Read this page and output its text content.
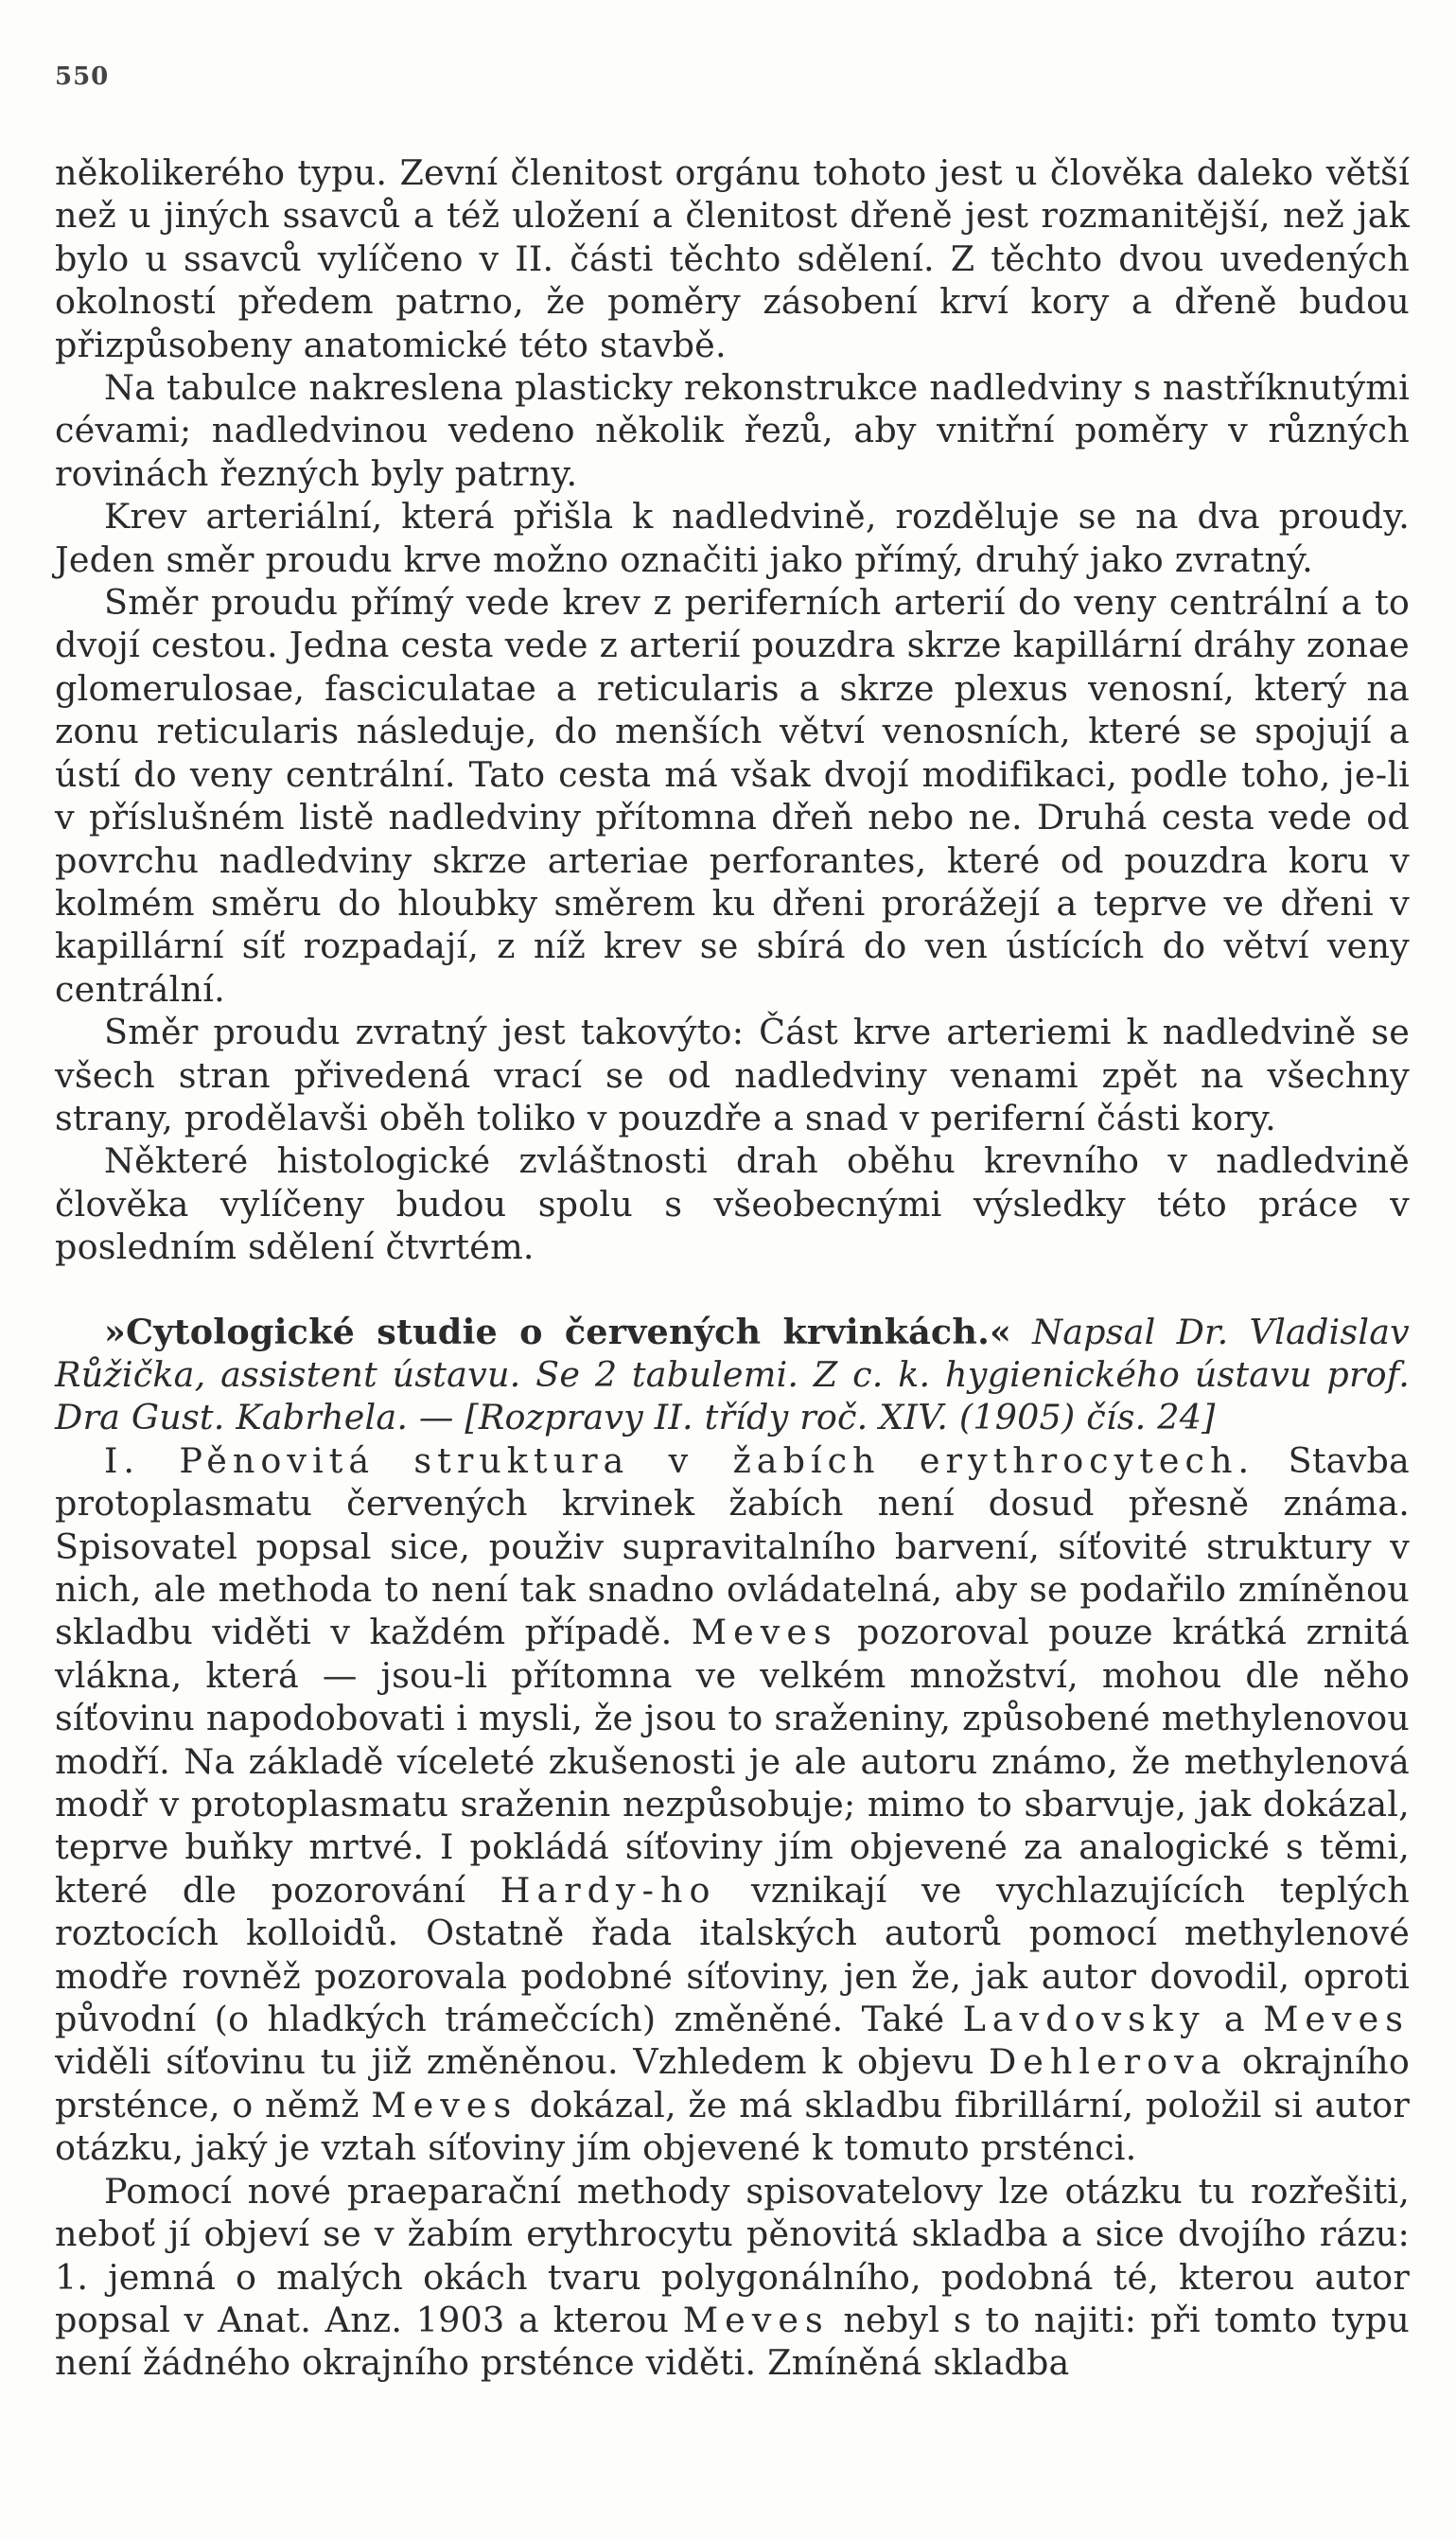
550

několikerého typu. Zevní členitost orgánu tohoto jest u člověka daleko větší než u jiných ssavců a též uložení a členitost dřeně jest rozmanitější, než jak bylo u ssavců vylíčeno v II. části těchto sdělení. Z těchto dvou uvedených okolností předem patrno, že poměry zásobení krví kory a dřeně budou přizpůsobeny anatomické této stavbě.

Na tabulce nakreslena plasticky rekonstrukce nadledviny s nastříknutými cévami; nadledvinou vedeno několik řezů, aby vnitřní poměry v různých rovinách řezných byly patrny.

Krev arteriální, která přišla k nadledvině, rozděluje se na dva proudy. Jeden směr proudu krve možno označiti jako přímý, druhý jako zvratný.

Směr proudu přímý vede krev z periferních arterií do veny centrální a to dvojí cestou. Jedna cesta vede z arterií pouzdra skrze kapillární dráhy zonae glomerulosae, fasciculatae a reticularis a skrze plexus venosní, který na zonu reticularis následuje, do menších větví venosních, které se spojují a ústí do veny centrální. Tato cesta má však dvojí modifikaci, podle toho, je-li v příslušném listě nadledviny přítomna dřeň nebo ne. Druhá cesta vede od povrchu nadledviny skrze arteriae perforantes, které od pouzdra koru v kolmém směru do hloubky směrem ku dřeni prorážejí a teprve ve dřeni v kapillární síť rozpadají, z níž krev se sbírá do ven ústících do větví veny centrální.

Směr proudu zvratný jest takovýto: Část krve arteriemi k nadledvině se všech stran přivedená vrací se od nadledviny venami zpět na všechny strany, prodělavši oběh toliko v pouzdře a snad v periferní části kory.

Některé histologické zvláštnosti drah oběhu krevního v nadledvině člověka vylíčeny budou spolu s všeobecnými výsledky této práce v posledním sdělení čtvrtém.

»Cytologické studie o červených krvinkách.« Napsal Dr. Vladislav Růžička, assistent ústavu. Se 2 tabulemi. Z c. k. hygienického ústavu prof. Dra Gust. Kabrhela. — [Rozpravy II. třídy roč. XIV. (1905) čís. 24]

I. Pěnovitá struktura v žabích erythrocytech. Stavba protoplasmatu červených krvinek žabích není dosud přesně známa. Spisovatel popsal sice, použiv supravitalního barvení, síťovité struktury v nich, ale methoda to není tak snadno ovládatelná, aby se podařilo zmíněnou skladbu viděti v každém případě. Meves pozoroval pouze krátká zrnitá vlákna, která — jsou-li přítomna ve velkém množství, mohou dle něho síťovinu napodobovati i mysli, že jsou to sraženiny, způsobené methylenovou modří. Na základě víceleté zkušenosti je ale autoru známo, že methylenová modř v protoplasmatu sraženin nezpůsobuje; mimo to sbarvuje, jak dokázal, teprve buňky mrtvé. I pokládá síťoviny jím objevené za analogické s těmi, které dle pozorování Hardy-ho vznikají ve vychlazujících teplých roztocích kolloidů. Ostatně řada italských autorů pomocí methylenové modře rovněž pozorovala podobné síťoviny, jen že, jak autor dovodil, oproti původní (o hladkých trámečcích) změněné. Také Lavdovsky a Meves viděli síťovinu tu již změněnou. Vzhledem k objevu Dehlerova okrajního prsténce, o němž Meves dokázal, že má skladbu fibrillární, položil si autor otázku, jaký je vztah síťoviny jím objevené k tomuto prsténci.

Pomocí nové praeparační methody spisovatelovy lze otázku tu rozřešiti, neboť jí objeví se v žabím erythrocytu pěnovitá skladba a sice dvojího rázu: 1. jemná o malých okách tvaru polygonálního, podobná té, kterou autor popsal v Anat. Anz. 1903 a kterou Meves nebyl s to najiti: při tomto typu není žádného okrajního prsténce viděti. Zmíněná skladba
